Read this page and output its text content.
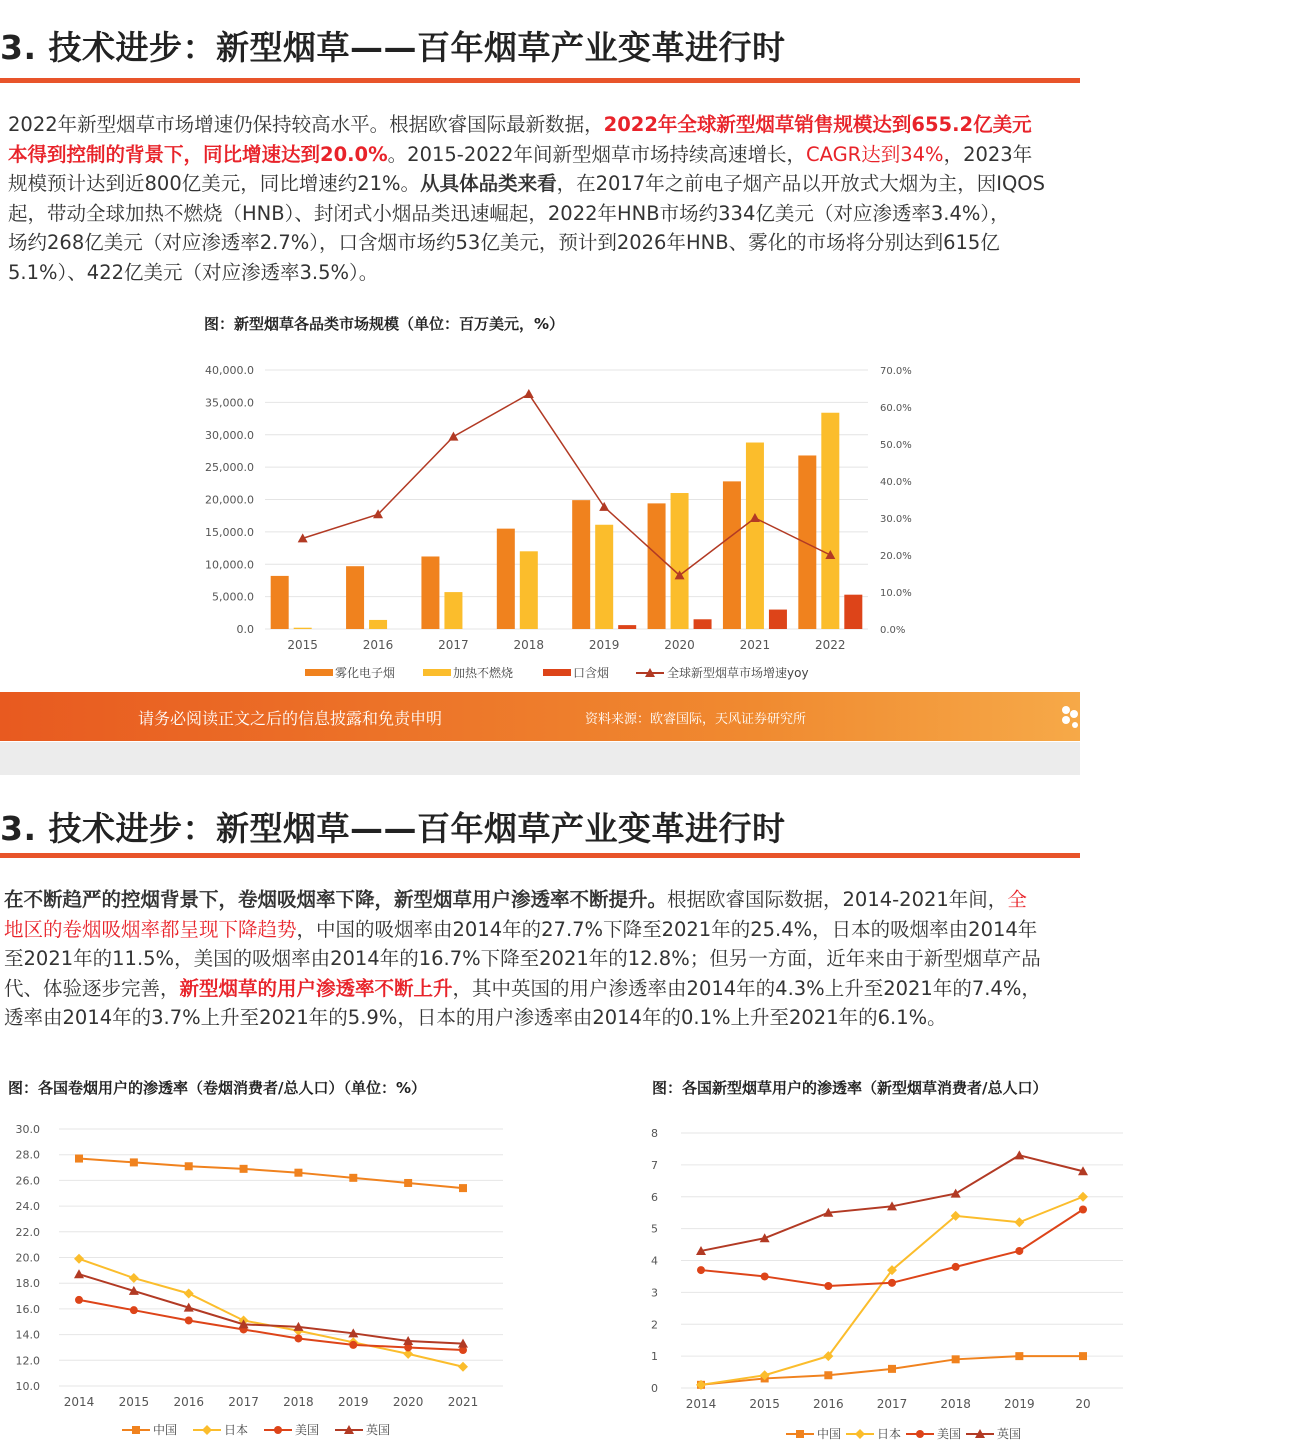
3. 技术进步：新型烟草——百年烟草产业变革进行时

2022年新型烟草市场增速仍保持较高水平。根据欧睿国际最新数据，2022年全球新型烟草销售规模达到655.2亿美元

本得到控制的背景下，同比增速达到20.0%。2015-2022年间新型烟草市场持续高速增长，CAGR达到34%，2023年

规模预计达到近800亿美元，同比增速约21%。从具体品类来看，在2017年之前电子烟产品以开放式大烟为主，因IQOS

起，带动全球加热不燃烧（HNB）、封闭式小烟品类迅速崛起，2022年HNB市场约334亿美元（对应渗透率3.4%），

场约268亿美元（对应渗透率2.7%），口含烟市场约53亿美元，预计到2026年HNB、雾化的市场将分别达到615亿

5.1%）、422亿美元（对应渗透率3.5%）。

图：新型烟草各品类市场规模（单位：百万美元，%）
0.0
5,000.0
10,000.0
15,000.0
20,000.0
25,000.0
30,000.0
35,000.0
40,000.0
0.0%
10.0%
20.0%
30.0%
40.0%
50.0%
60.0%
70.0%
2015	2016	2017	2018	2019	2020	2021	2022
雾化电子烟	加热不燃烧	口含烟	全球新型烟草市场增速yoy
请务必阅读正文之后的信息披露和免责申明	资料来源：欧睿国际，天风证券研究所
3. 技术进步：新型烟草——百年烟草产业变革进行时

在不断趋严的控烟背景下，卷烟吸烟率下降，新型烟草用户渗透率不断提升。根据欧睿国际数据，2014-2021年间，全

地区的卷烟吸烟率都呈现下降趋势，中国的吸烟率由2014年的27.7%下降至2021年的25.4%，日本的吸烟率由2014年

至2021年的11.5%，美国的吸烟率由2014年的16.7%下降至2021年的12.8%；但另一方面，近年来由于新型烟草产品

代、体验逐步完善，新型烟草的用户渗透率不断上升，其中英国的用户渗透率由2014年的4.3%上升至2021年的7.4%，

透率由2014年的3.7%上升至2021年的5.9%，日本的用户渗透率由2014年的0.1%上升至2021年的6.1%。

图：各国卷烟用户的渗透率（卷烟消费者/总人口）（单位：%）	图：各国新型烟草用户的渗透率（新型烟草消费者/总人口）
10.0
12.0
14.0
16.0
18.0
20.0
22.0
24.0
26.0
28.0
30.0
2014 2015 2016 2017 2018 2019 2020 2021
中国	日本	美国	英国
0
1
2
3
4
5
6
7
8
2014	2015	2016	2017	2018	2019	20
中国	日本	美国	英国
